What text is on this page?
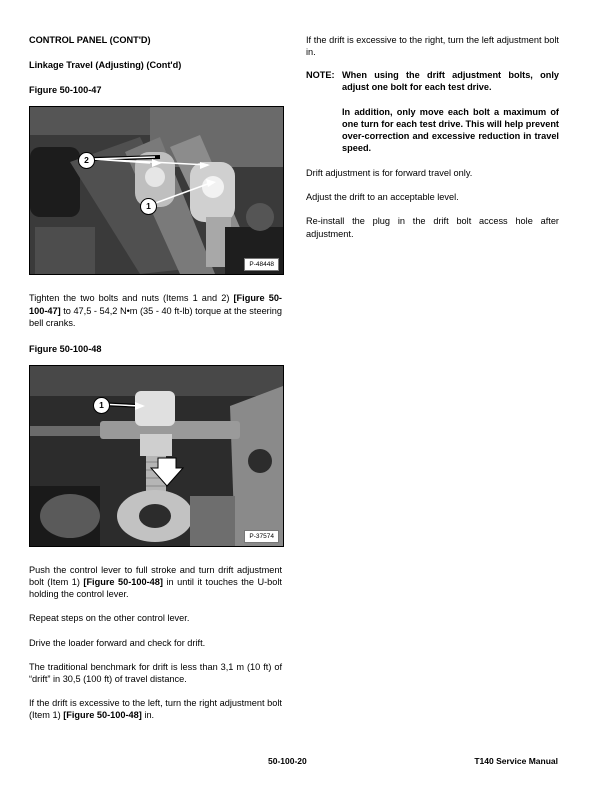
CONTROL PANEL (CONT'D)

Linkage Travel (Adjusting) (Cont'd)

Figure 50-100-47

2
1
P-48448

Tighten the two bolts and nuts (Items 1 and 2) [Figure 50-100-47] to 47,5 - 54,2 N•m (35 - 40 ft-lb) torque at the steering bell cranks.

Figure 50-100-48

1
P-37574

Push the control lever to full stroke and turn drift adjustment bolt (Item 1) [Figure 50-100-48] in until it touches the U-bolt holding the control lever.

Repeat steps on the other control lever.

Drive the loader forward and check for drift.

The traditional benchmark for drift is less than 3,1 m (10 ft) of “drift” in 30,5 (100 ft) of travel distance.

If the drift is excessive to the left, turn the right adjustment bolt (Item 1) [Figure 50-100-48] in.

If the drift is excessive to the right, turn the left adjustment bolt in.

NOTE: When using the drift adjustment bolts, only adjust one bolt for each test drive.

In addition, only move each bolt a maximum of one turn for each test drive. This will help prevent over-correction and excessive reduction in travel speed.

Drift adjustment is for forward travel only.

Adjust the drift to an acceptable level.

Re-install the plug in the drift bolt access hole after adjustment.

50-100-20	T140 Service Manual
